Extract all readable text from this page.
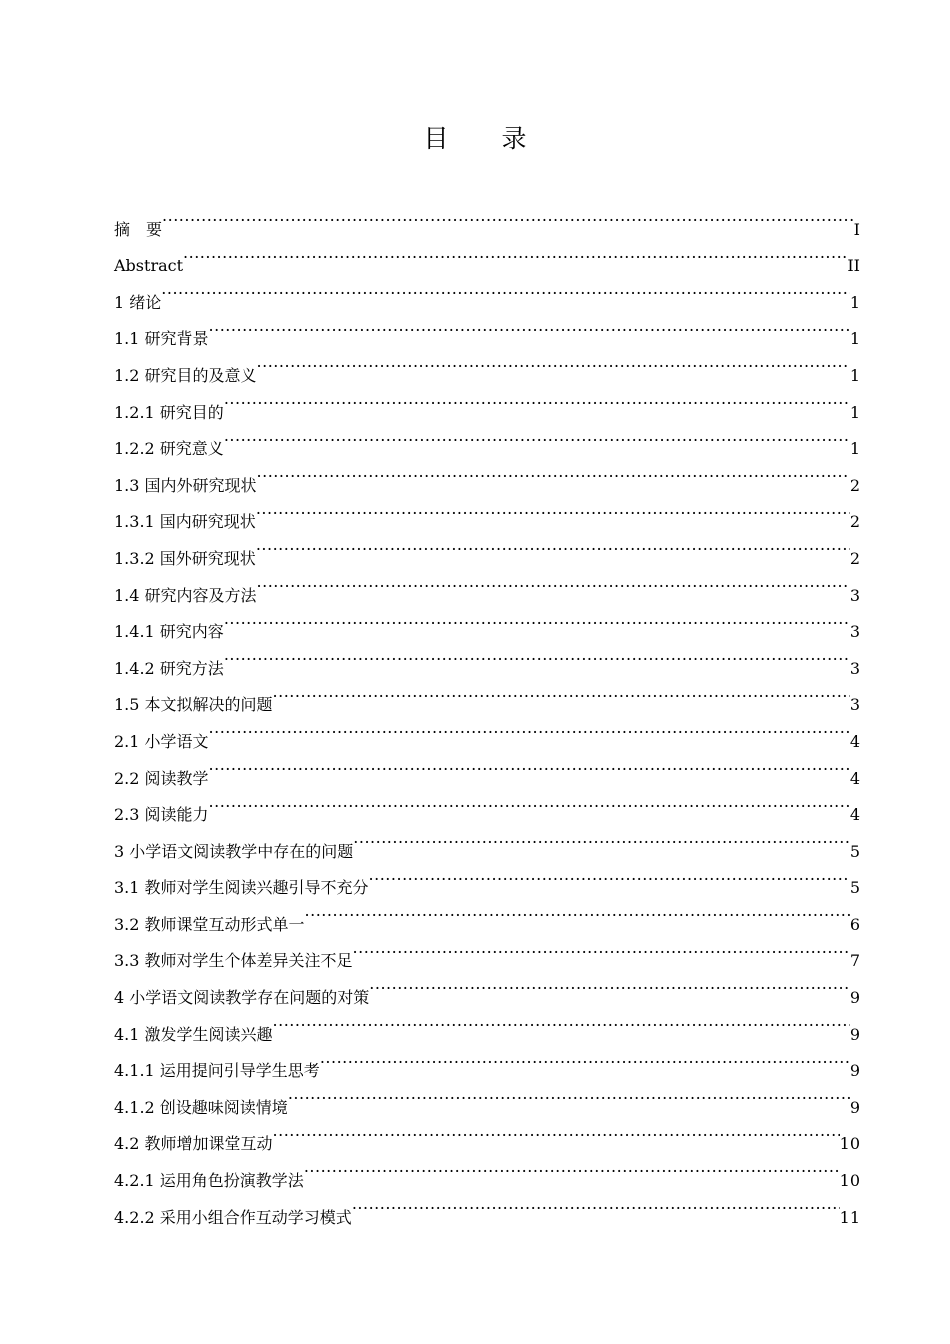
目　录
摘　要 .....	I
Abstract .....	II
1 绪论 .....	1
1.1 研究背景 .....	1
1.2 研究目的及意义 .....	1
1.2.1 研究目的 .....	1
1.2.2 研究意义 .....	1
1.3 国内外研究现状 .....	2
1.3.1 国内研究现状 .....	2
1.3.2 国外研究现状 .....	2
1.4 研究内容及方法 .....	3
1.4.1 研究内容 .....	3
1.4.2 研究方法 .....	3
1.5 本文拟解决的问题 .....	3
2.1 小学语文 .....	4
2.2 阅读教学 .....	4
2.3 阅读能力 .....	4
3 小学语文阅读教学中存在的问题 .....	5
3.1 教师对学生阅读兴趣引导不充分 .....	5
3.2 教师课堂互动形式单一 .....	6
3.3 教师对学生个体差异关注不足 .....	7
4 小学语文阅读教学存在问题的对策 .....	9
4.1 激发学生阅读兴趣 .....	9
4.1.1 运用提问引导学生思考 .....	9
4.1.2 创设趣味阅读情境 .....	9
4.2 教师增加课堂互动 .....	10
4.2.1 运用角色扮演教学法 .....	10
4.2.2 采用小组合作互动学习模式 .....	11
